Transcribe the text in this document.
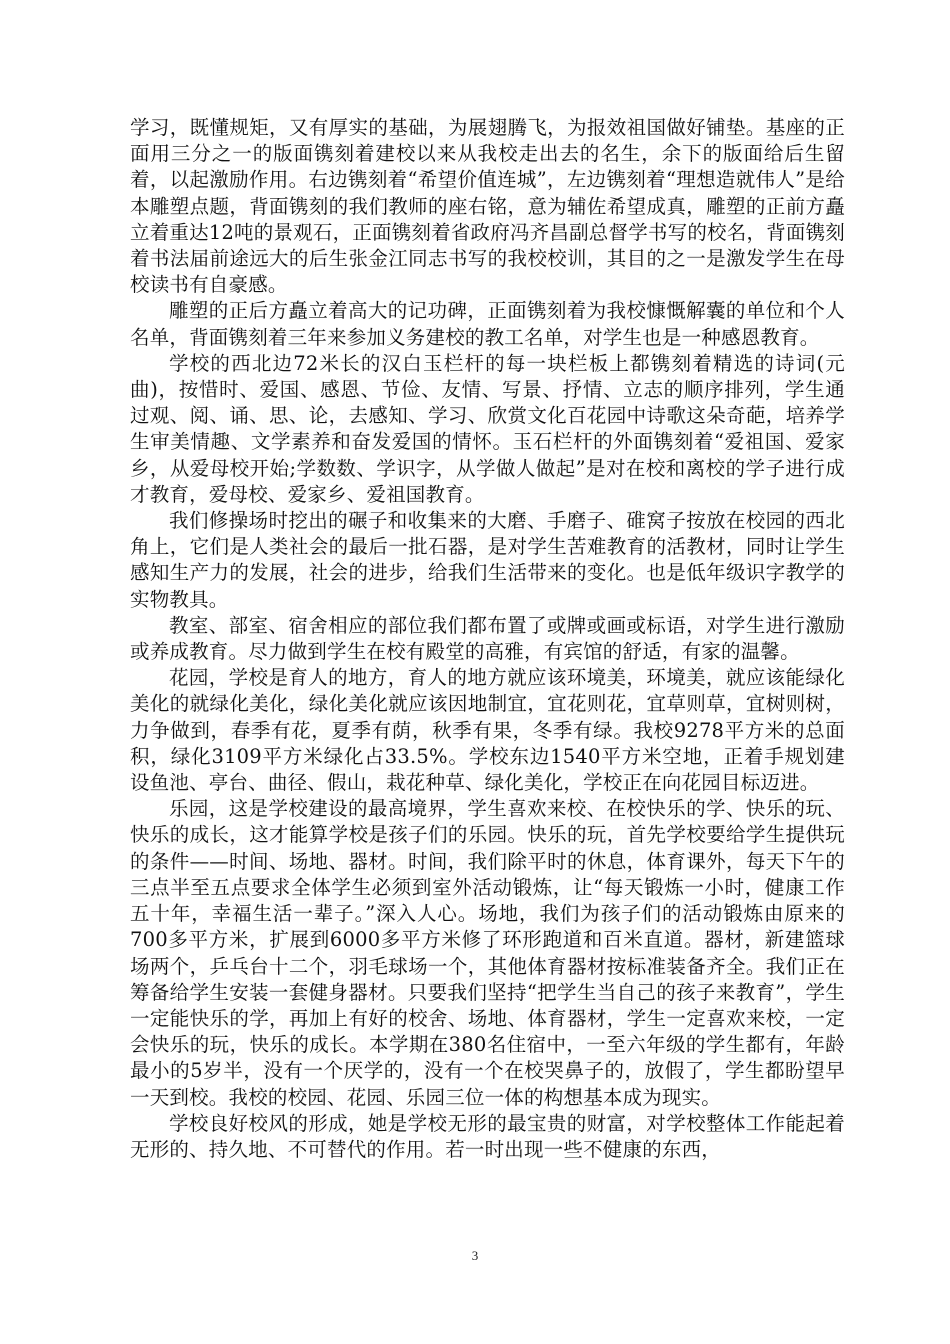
学习，既懂规矩，又有厚实的基础，为展翅腾飞，为报效祖国做好铺垫。基座的正面用三分之一的版面镌刻着建校以来从我校走出去的名生，余下的版面给后生留着，以起激励作用。右边镌刻着“希望价值连城”，左边镌刻着“理想造就伟人”是给本雕塑点题，背面镌刻的我们教师的座右铭，意为辅佐希望成真，雕塑的正前方矗立着重达12吨的景观石，正面镌刻着省政府冯齐昌副总督学书写的校名，背面镌刻着书法届前途远大的后生张金江同志书写的我校校训，其目的之一是激发学生在母校读书有自豪感。

雕塑的正后方矗立着高大的记功碑，正面镌刻着为我校慷慨解囊的单位和个人名单，背面镌刻着三年来参加义务建校的教工名单，对学生也是一种感恩教育。

学校的西北边72米长的汉白玉栏杆的每一块栏板上都镌刻着精选的诗词(元曲)，按惜时、爱国、感恩、节俭、友情、写景、抒情、立志的顺序排列，学生通过观、阅、诵、思、论，去感知、学习、欣赏文化百花园中诗歌这朵奇葩，培养学生审美情趣、文学素养和奋发爱国的情怀。玉石栏杆的外面镌刻着“爱祖国、爱家乡，从爱母校开始;学数数、学识字，从学做人做起”是对在校和离校的学子进行成才教育，爱母校、爱家乡、爱祖国教育。

我们修操场时挖出的碾子和收集来的大磨、手磨子、碓窝子按放在校园的西北角上，它们是人类社会的最后一批石器，是对学生苦难教育的活教材，同时让学生感知生产力的发展，社会的进步，给我们生活带来的变化。也是低年级识字教学的实物教具。

教室、部室、宿舍相应的部位我们都布置了或牌或画或标语，对学生进行激励或养成教育。尽力做到学生在校有殿堂的高雅，有宾馆的舒适，有家的温馨。

花园，学校是育人的地方，育人的地方就应该环境美，环境美，就应该能绿化美化的就绿化美化，绿化美化就应该因地制宜，宜花则花，宜草则草，宜树则树，力争做到，春季有花，夏季有荫，秋季有果，冬季有绿。我校9278平方米的总面积，绿化3109平方米绿化占33.5%。学校东边1540平方米空地，正着手规划建设鱼池、亭台、曲径、假山，栽花种草、绿化美化，学校正在向花园目标迈进。

乐园，这是学校建设的最高境界，学生喜欢来校、在校快乐的学、快乐的玩、快乐的成长，这才能算学校是孩子们的乐园。快乐的玩，首先学校要给学生提供玩的条件——时间、场地、器材。时间，我们除平时的休息，体育课外，每天下午的三点半至五点要求全体学生必须到室外活动锻炼，让“每天锻炼一小时，健康工作五十年，幸福生活一辈子。”深入人心。场地，我们为孩子们的活动锻炼由原来的700多平方米，扩展到6000多平方米修了环形跑道和百米直道。器材，新建篮球场两个，乒乓台十二个，羽毛球场一个，其他体育器材按标准装备齐全。我们正在筹备给学生安装一套健身器材。只要我们坚持“把学生当自己的孩子来教育”，学生一定能快乐的学，再加上有好的校舍、场地、体育器材，学生一定喜欢来校，一定会快乐的玩，快乐的成长。本学期在380名住宿中，一至六年级的学生都有，年龄最小的5岁半，没有一个厌学的，没有一个在校哭鼻子的，放假了，学生都盼望早一天到校。我校的校园、花园、乐园三位一体的构想基本成为现实。

学校良好校风的形成，她是学校无形的最宝贵的财富，对学校整体工作能起着无形的、持久地、不可替代的作用。若一时出现一些不健康的东西，

3
